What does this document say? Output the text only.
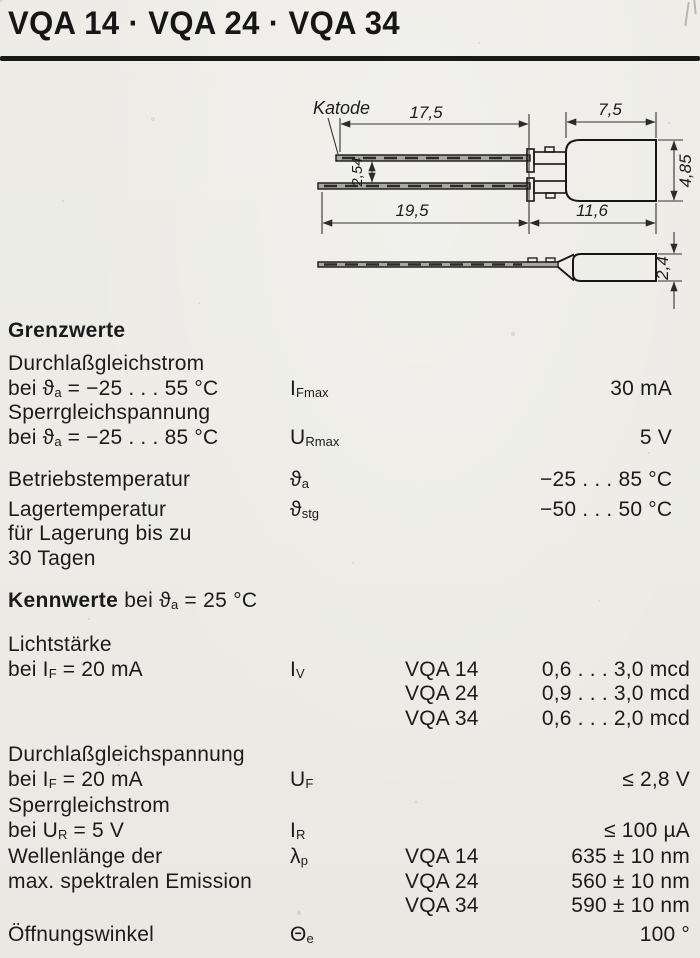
VQA 14 · VQA 24 · VQA 34
Katode 17,5	7,5
4,85
2,54
19,5	11,6
2,4
Grenzwerte
Durchlaßgleichstrom
bei $ϑ_a = -25$ . . . 55 °C	$I_{Fmax}$	30 mA
Sperrgleichspannung
bei $ϑ_a = -25$ . . . 85 °C	$U_{Rmax}$	5 V
Betriebstemperatur	$ϑ_a$	−25 . . . 85 °C
Lagertemperatur	$ϑ_{stg}$	−50 . . . 50 °C
für Lagerung bis zu
30 Tagen
Kennwerte bei $ϑ_a = 25$ °C
Lichtstärke
bei $I_F = 20$ mA	$I_V$	VQA 14	0,6 . . . 3,0 mcd
VQA 24	0,9 . . . 3,0 mcd
VQA 34	0,6 . . . 2,0 mcd
Durchlaßgleichspannung
bei $I_F = 20$ mA	$U_F$	≤ 2,8 V
Sperrgleichstrom
bei $U_R = 5$ V	$I_R$	≤ 100 µA
Wellenlänge der	$\lambda_p$	VQA 14	635 ± 10 nm
max. spektralen Emission	VQA 24	560 ± 10 nm
VQA 34	590 ± 10 nm
Öffnungswinkel	$\Theta_e$	100 °
